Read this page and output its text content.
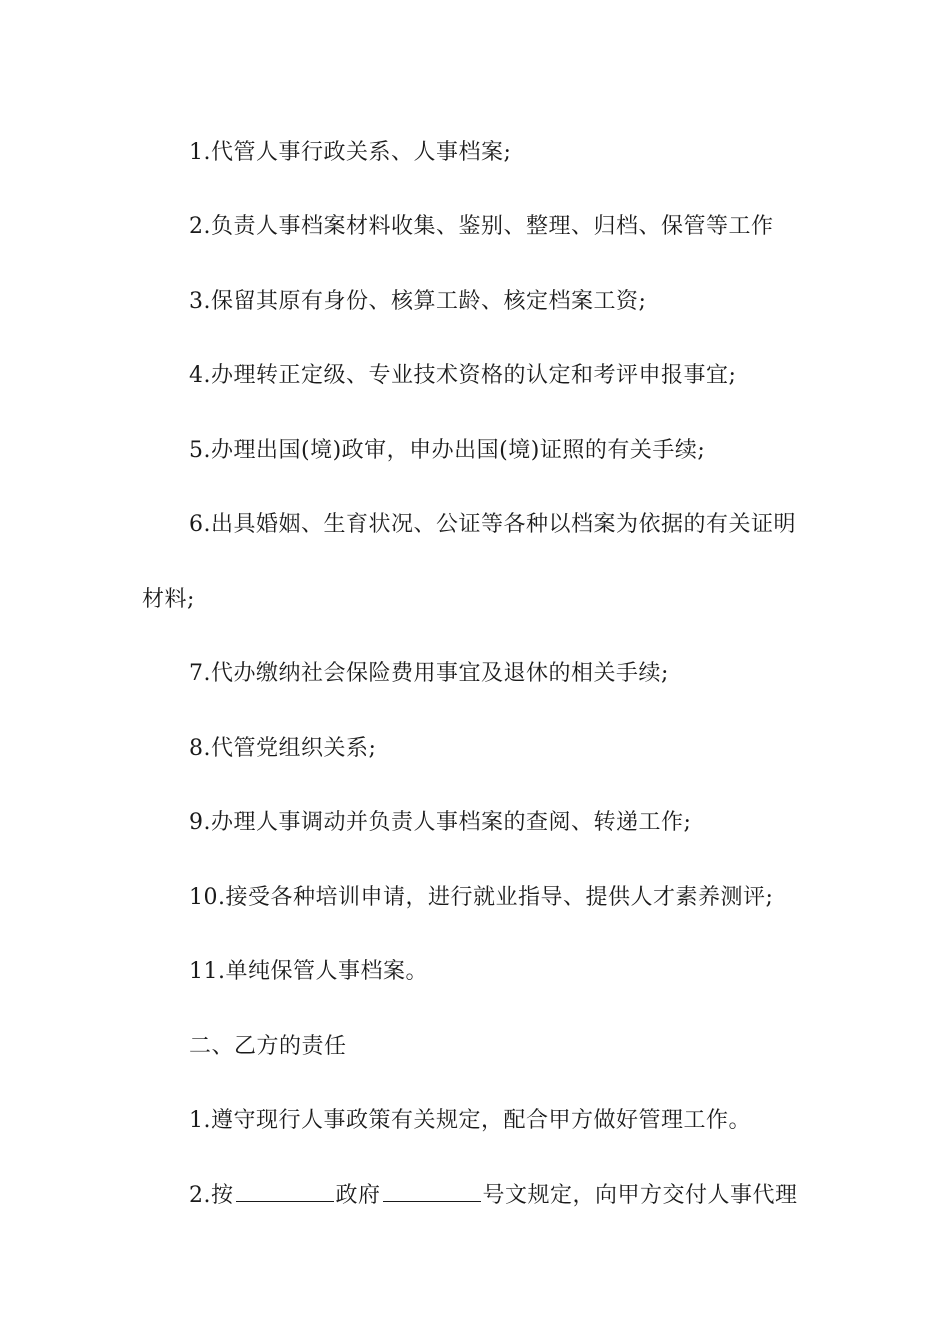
1.代管人事行政关系、人事档案;
2.负责人事档案材料收集、鉴别、整理、归档、保管等工作
3.保留其原有身份、核算工龄、核定档案工资;
4.办理转正定级、专业技术资格的认定和考评申报事宜;
5.办理出国(境)政审，申办出国(境)证照的有关手续;
6.出具婚姻、生育状况、公证等各种以档案为依据的有关证明
材料;
7.代办缴纳社会保险费用事宜及退休的相关手续;
8.代管党组织关系;
9.办理人事调动并负责人事档案的查阅、转递工作;
10.接受各种培训申请，进行就业指导、提供人才素养测评;
11.单纯保管人事档案。
二、乙方的责任
1.遵守现行人事政策有关规定，配合甲方做好管理工作。
2.按	政府	号文规定，向甲方交付人事代理
